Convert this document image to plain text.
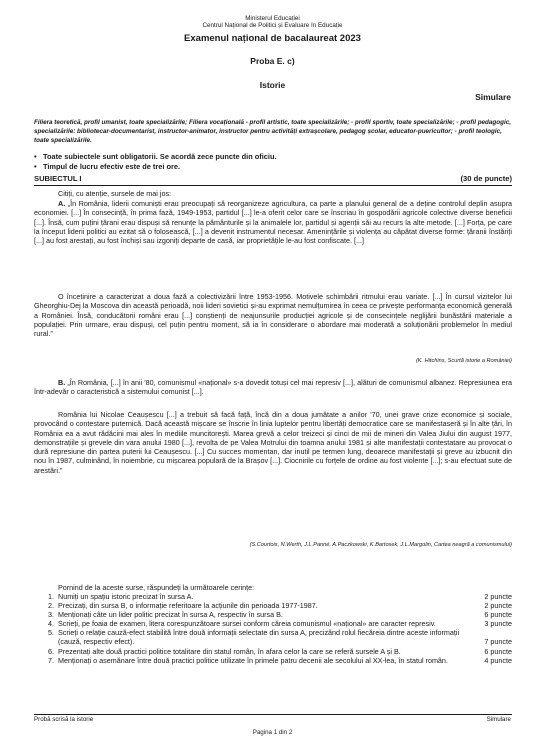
Ministerul Educației
Centrul Național de Politici și Evaluare în Educație
Examenul național de bacalaureat 2023
Proba E. c)
Istorie
Simulare

Filiera teoretică, profil umanist, toate specializările; Filiera vocațională - profil artistic, toate specializările; - profil sportiv, toate specializările; - profil pedagogic, specializările: bibliotecar-documentarist, instructor-animator, instructor pentru activități extrașcolare, pedagog școlar, educator-puericultor; - profil teologic, toate specializările.

• Toate subiectele sunt obligatorii. Se acordă zece puncte din oficiu.
• Timpul de lucru efectiv este de trei ore.
SUBIECTUL I	(30 de puncte)
Citiți, cu atenție, sursele de mai jos:

A. „În România, liderii comuniști erau preocupați să reorganizeze agricultura, ca parte a planului general de a deține controlul deplin asupra economiei. [...] În consecință, în prima fază, 1949-1953, partidul [...] le-a oferit celor care se înscriau în gospodării agricole colective diverse beneficii [...]. Însă, cum puțini țărani erau dispuși să renunțe la pământurile și la animalele lor, partidul și agenții săi au recurs la alte metode. [...] Forța, pe care la început liderii politici au ezitat să o folosească, [...] a devenit instrumentul necesar. Amenințările și violența au căpătat diverse forme: țăranii înstăriți [...] au fost arestați, au fost închiși sau izgoniți departe de casă, iar proprietățile le-au fost confiscate. [...]

O încetinire a caracterizat a doua fază a colectivizării între 1953-1956. Motivele schimbării ritmului erau variate. [...] În cursul vizitelor lui Gheorghiu-Dej la Moscova din această perioadă, noii lideri sovietici și-au exprimat nemulțumirea în ceea ce privește performanța economică generală a României. Însă, conducătorii români erau [...] conștienți de neajunsurile producției agricole și de consecințele neglijării bunăstării materiale a populației. Prin urmare, erau dispuși, cel puțin pentru moment, să ia în considerare o abordare mai moderată a soluționării problemelor în mediul rural.”

(K. Hitchins, Scurtă istorie a României)

B. „În România, [...] în anii '80, comunismul «național» s-a dovedit totuși cel mai represiv [...], alături de comunismul albanez. Represiunea era într-adevăr o caracteristică a sistemului comunist [...].

România lui Nicolae Ceaușescu [...] a trebuit să facă față, încă din a doua jumătate a anilor '70, unei grave crize economice și sociale, provocând o contestare puternică. Dacă această mișcare se înscrie în linia luptelor pentru libertăți democratice care se manifestaseră și în alte țări, în România ea a avut rădăcini mai ales în mediile muncitorești. Marea grevă a celor treizeci și cinci de mii de mineri din Valea Jiului din august 1977, demonstrațiile și grevele din vara anului 1980 [...], revolta de pe Valea Motrului din toamna anului 1981 și alte manifestații contestatare au provocat o dură represiune din partea puterii lui Ceaușescu. [...] Cu succes momentan, dar inutil pe termen lung, deoarece manifestații și greve au izbucnit din nou în 1987, culminând, în noiembrie, cu mișcarea populară de la Brașov [...]. Ciocnirile cu forțele de ordine au fost violente [...]; s-au efectuat sute de arestări.”

(S.Courtois, N.Werth, J.L.Panné, A.Paczkowski, K.Bartosek, J.L.Margolin, Cartea neagră a comunismului)
Pornind de la aceste surse, răspundeți la următoarele cerințe:
1. Numiți un spațiu istoric precizat în sursa A.	2 puncte
2. Precizați, din sursa B, o informație referitoare la acțiunile din perioada 1977-1987.	2 puncte
3. Menționați câte un lider politic precizat în sursa A, respectiv în sursa B.	6 puncte
4. Scrieți, pe foaia de examen, litera corespunzătoare sursei conform căreia comunismul «național» are caracter represiv.	3 puncte
5. Scrieți o relație cauză-efect stabilită între două informații selectate din sursa A, precizând rolul fiecăreia dintre aceste informații (cauză, respectiv efect).	7 puncte
6. Prezentați alte două practici politice totalitare din statul român, în afara celor la care se referă sursele A și B.	6 puncte
7. Menționați o asemănare între două practici politice utilizate în primele patru decenii ale secolului al XX-lea, în statul român.	4 puncte
Probă scrisă la istorie	Simulare
Pagina 1 din 2
